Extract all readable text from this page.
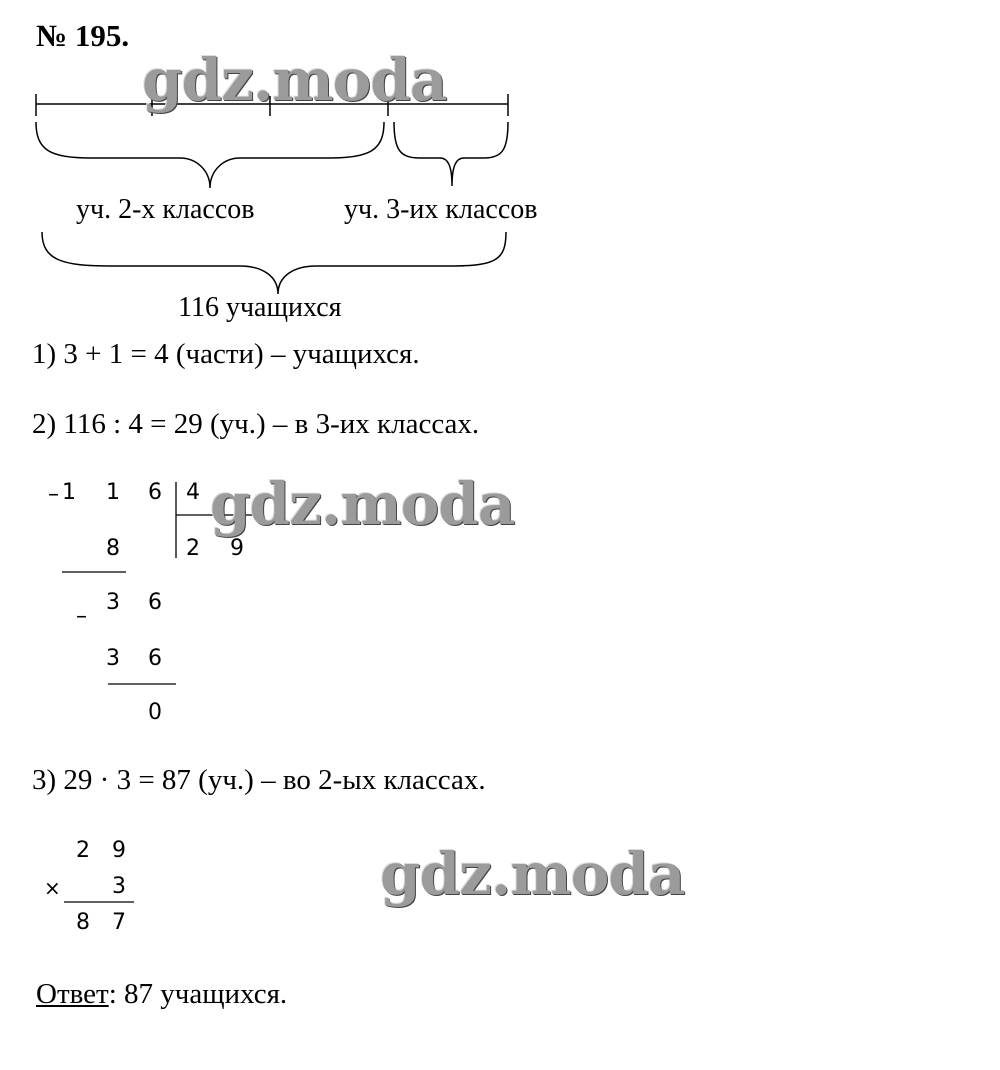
№ 195.
уч. 2-х классов	уч. 3-их классов
116 учащихся
1) 3 + 1 = 4 (части) – учащихся.
2) 116 : 4 = 29 (уч.) – в 3-их классах.
– 1 1 6 4
2 9
8
–
3 6
3 6
0
3) 29 · 3 = 87 (уч.) – во 2-ых классах.
2 9
× 3
8 7
Ответ: 87 учащихся.
gdz.moda
gdz.moda
gdz.moda
